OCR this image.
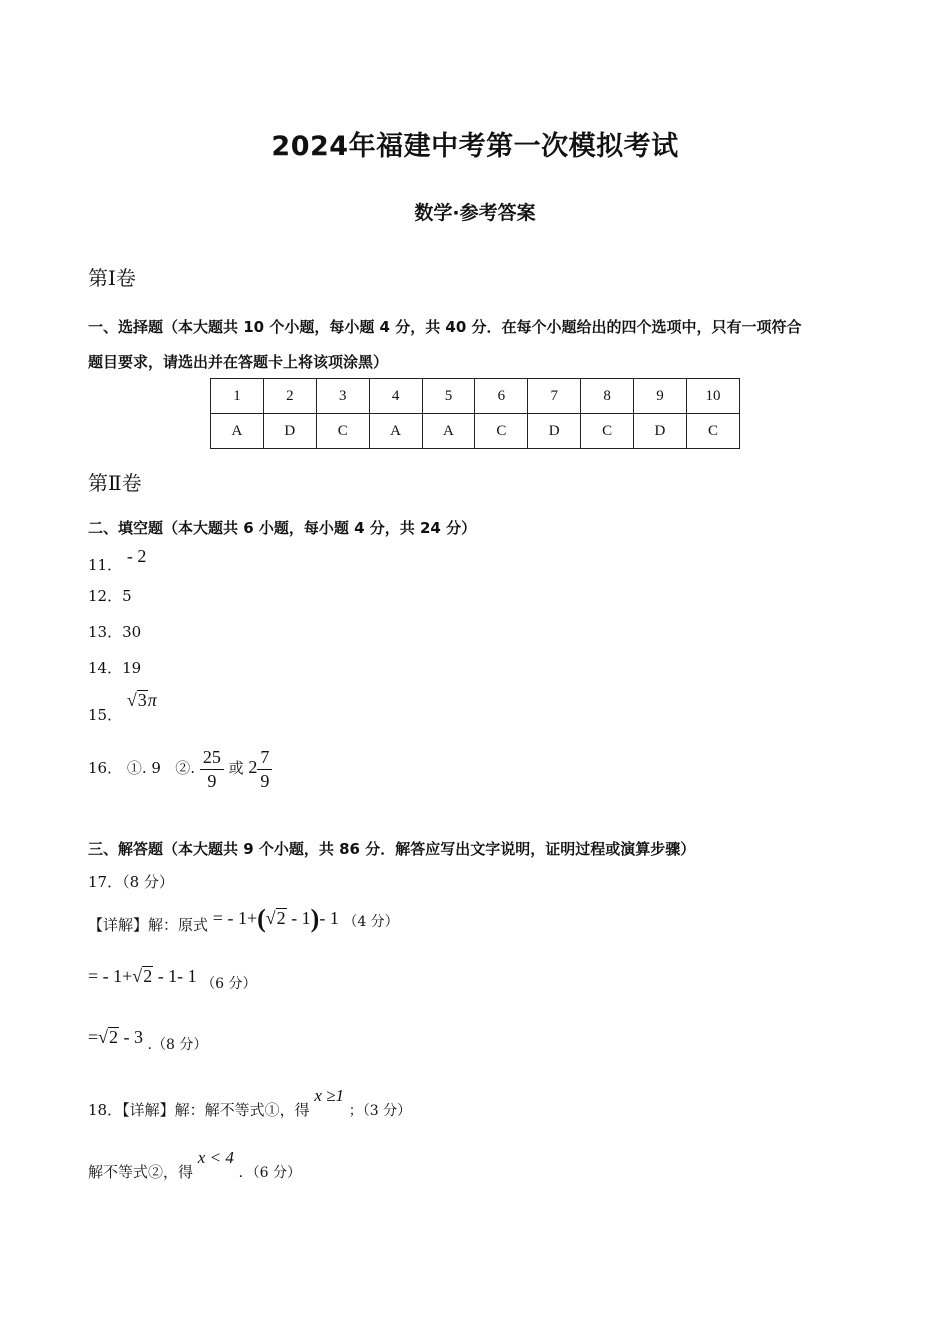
2024年福建中考第一次模拟考试
数学·参考答案
第Ⅰ卷
一、选择题（本大题共 10 个小题，每小题 4 分，共 40 分．在每个小题给出的四个选项中，只有一项符合
题目要求，请选出并在答题卡上将该项涂黑）
1	2	3	4	5	6	7	8	9	10
A	D	C	A	A	C	D	C	D	C
第Ⅱ卷
二、填空题（本大题共 6 小题，每小题 4 分，共 24 分）
11． - 2
12．5
13．30
14．19
15． √3π
16． ①. 9 ②. $\frac{25}{9}$ 或 $2 \frac{7}{9}$
三、解答题（本大题共 9 个小题，共 86 分．解答应写出文字说明，证明过程或演算步骤）
17．（8 分）
【详解】解：原式 = - 1+(√2 - 1)- 1 （4 分）
= - 1+√2 - 1- 1 （6 分）
=√2 - 3 .（8 分）
18．【详解】解：解不等式①，得 x ≥1 ；（3 分）
解不等式②，得 x < 4 ．（6 分）
